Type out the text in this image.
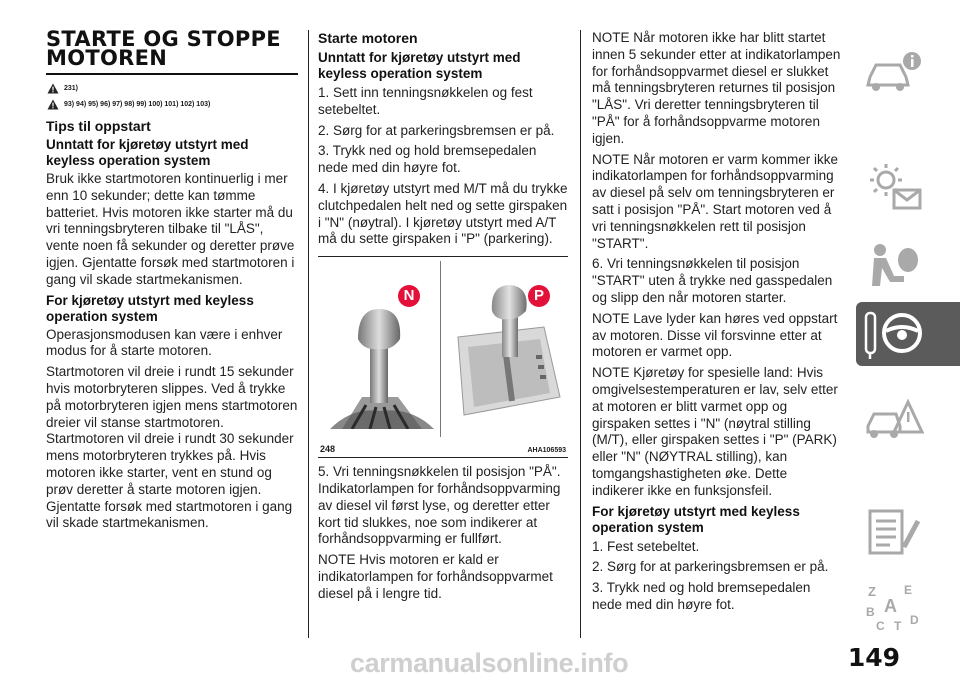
STARTE OG STOPPE MOTOREN
231)
93) 94) 95) 96) 97) 98) 99) 100) 101) 102) 103)
Tips til oppstart
Unntatt for kjøretøy utstyrt med keyless operation system

Bruk ikke startmotoren kontinuerlig i mer enn 10 sekunder; dette kan tømme batteriet. Hvis motoren ikke starter må du vri tenningsbryteren tilbake til "LÅS", vente noen få sekunder og deretter prøve igjen. Gjentatte forsøk med startmotoren i gang vil skade startmekanismen.

For kjøretøy utstyrt med keyless operation system

Operasjonsmodusen kan være i enhver modus for å starte motoren.

Startmotoren vil dreie i rundt 15 sekunder hvis motorbryteren slippes. Ved å trykke på motorbryteren igjen mens startmotoren dreier vil stanse startmotoren. Startmotoren vil dreie i rundt 30 sekunder mens motorbryteren trykkes på. Hvis motoren ikke starter, vent en stund og prøv deretter å starte motoren igjen. Gjentatte forsøk med startmotoren i gang vil skade startmekanismen.

Starte motoren
Unntatt for kjøretøy utstyrt med keyless operation system

1. Sett inn tenningsnøkkelen og fest setebeltet.

2. Sørg for at parkeringsbremsen er på.

3. Trykk ned og hold bremsepedalen nede med din høyre fot.

4. I kjøretøy utstyrt med M/T må du trykke clutchpedalen helt ned og sette girspaken i "N" (nøytral). I kjøretøy utstyrt med A/T må du sette girspaken i "P" (parkering).

N	P
248	AHA106593

5. Vri tenningsnøkkelen til posisjon "PÅ". Indikatorlampen for forhåndsoppvarming av diesel vil først lyse, og deretter etter kort tid slukkes, noe som indikerer at forhåndsoppvarming er fullført.

NOTE Hvis motoren er kald er indikatorlampen for forhåndsoppvarmet diesel på i lengre tid.

NOTE Når motoren ikke har blitt startet innen 5 sekunder etter at indikatorlampen for forhåndsoppvarmet diesel er slukket må tenningsbryteren returnes til posisjon "LÅS". Vri deretter tenningsbryteren til "PÅ" for å forhåndsoppvarme motoren igjen.

NOTE Når motoren er varm kommer ikke indikatorlampen for forhåndsoppvarming av diesel på selv om tenningsbryteren er satt i posisjon "PÅ". Start motoren ved å vri tenningsnøkkelen rett til posisjon "START".

6. Vri tenningsnøkkelen til posisjon "START" uten å trykke ned gasspedalen og slipp den når motoren starter.

NOTE Lave lyder kan høres ved oppstart av motoren. Disse vil forsvinne etter at motoren er varmet opp.

NOTE Kjøretøy for spesielle land: Hvis omgivelsestemperaturen er lav, selv etter at motoren er blitt varmet opp og girspaken settes i "N" (nøytral stilling (M/T), eller girspaken settes i "P" (PARK) eller "N" (NØYTRAL stilling), kan tomgangshastigheten øke. Dette indikerer ikke en funksjonsfeil.

For kjøretøy utstyrt med keyless operation system

1. Fest setebeltet.

2. Sørg for at parkeringsbremsen er på.

3. Trykk ned og hold bremsepedalen nede med din høyre fot.

Z E
A
B
C T D
carmanualsonline.info	149
